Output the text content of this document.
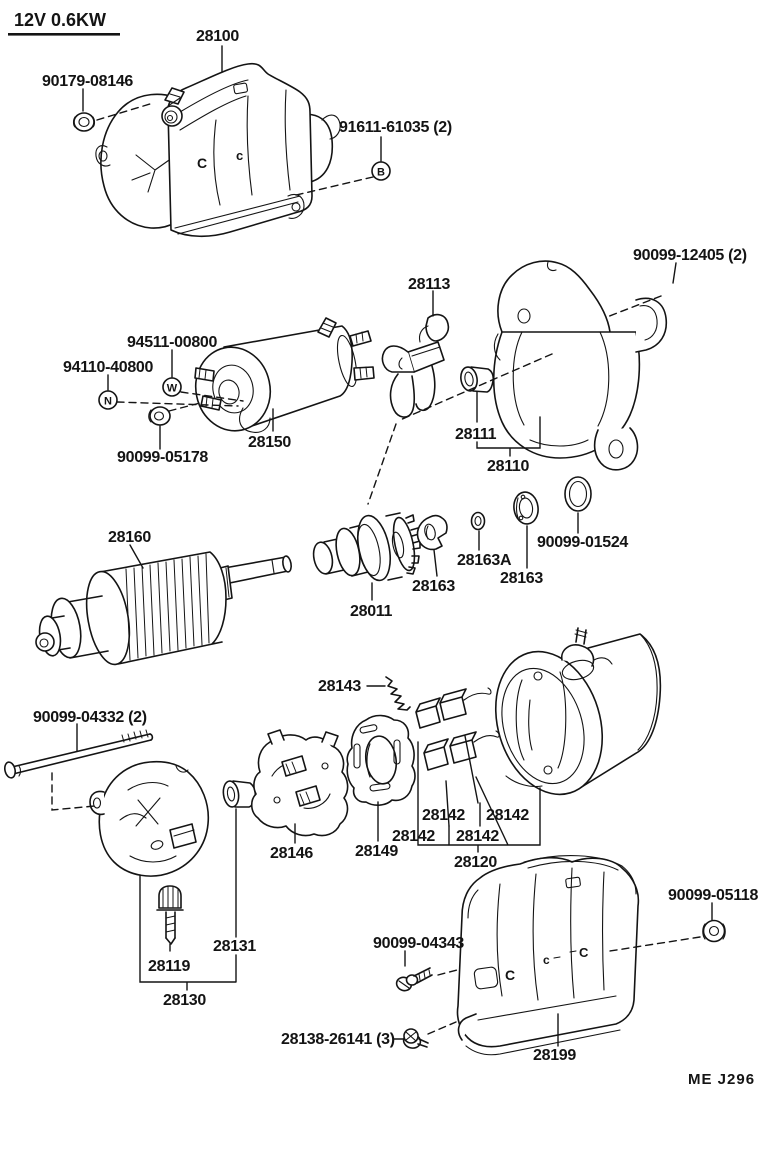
C c
C
c C
B
W
N
12V 0.6KW
28100
90179-08146
91611-61035 (2)
90099-12405 (2)
28113
94511-00800
94110-40800
28150
90099-05178
28111
28110
28160	90099-01524
28163A
28163	28163
28011
28143
90099-04332 (2)
28146	28149
28142 28142
28142 28142
28120
28131
28119
28130
90099-04343
90099-05118
28138-26141 (3)
28199
ME J296
